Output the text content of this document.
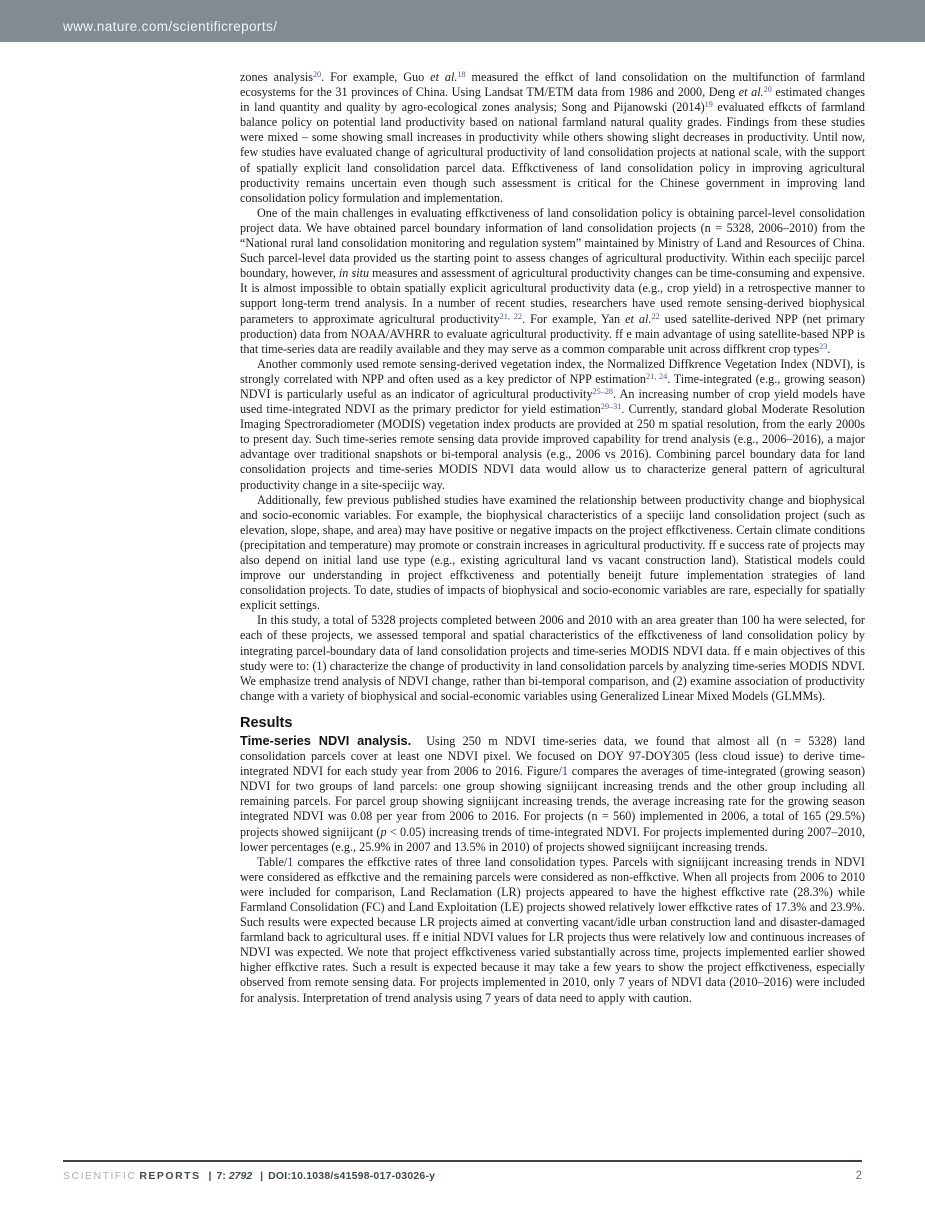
www.nature.com/scientificreports/

zones analysis$^{20}$. For example, Guo et al.$^{18}$ measured the effkct of land consolidation on the multifunction of farmland ecosystems for the 31 provinces of China. Using Landsat TM/ETM data from 1986 and 2000, Deng et al.$^{20}$ estimated changes in land quantity and quality by agro-ecological zones analysis; Song and Pijanowski (2014)$^{19}$ evaluated effkcts of farmland balance policy on potential land productivity based on national farmland natural quality grades. Findings from these studies were mixed – some showing small increases in productivity while others showing slight decreases in productivity. Until now, few studies have evaluated change of agricultural productivity of land consolidation projects at national scale, with the support of spatially explicit land consolidation parcel data. Effkctiveness of land consolidation policy in improving agricultural productivity remains uncertain even though such assessment is critical for the Chinese government in improving land consolidation policy formulation and implementation.

One of the main challenges in evaluating effkctiveness of land consolidation policy is obtaining parcel-level consolidation project data. We have obtained parcel boundary information of land consolidation projects (n = 5328, 2006–2010) from the “National rural land consolidation monitoring and regulation system” maintained by Ministry of Land and Resources of China. Such parcel-level data provided us the starting point to assess changes of agricultural productivity. Within each speciijc parcel boundary, however, in situ measures and assessment of agricultural productivity changes can be time-consuming and expensive. It is almost impossible to obtain spatially explicit agricultural productivity data (e.g., crop yield) in a retrospective manner to support long-term trend analysis. In a number of recent studies, researchers have used remote sensing-derived biophysical parameters to approximate agricultural productivity$^{21, 22}$. For example, Yan et al.$^{22}$ used satellite-derived NPP (net primary production) data from NOAA/AVHRR to evaluate agricultural productivity. ff e main advantage of using satellite-based NPP is that time-series data are readily available and they may serve as a common comparable unit across diffkrent crop types$^{23}$.

Another commonly used remote sensing-derived vegetation index, the Normalized Diffkrence Vegetation Index (NDVI), is strongly correlated with NPP and often used as a key predictor of NPP estimation$^{21, 24}$. Time-integrated (e.g., growing season) NDVI is particularly useful as an indicator of agricultural productivity$^{25-28}$. An increasing number of crop yield models have used time-integrated NDVI as the primary predictor for yield estimation$^{29-31}$. Currently, standard global Moderate Resolution Imaging Spectroradiometer (MODIS) vegetation index products are provided at 250 m spatial resolution, from the early 2000s to present day. Such time-series remote sensing data provide improved capability for trend analysis (e.g., 2006–2016), a major advantage over traditional snapshots or bi-temporal analysis (e.g., 2006 vs 2016). Combining parcel boundary data for land consolidation projects and time-series MODIS NDVI data would allow us to characterize general pattern of agricultural productivity change in a site-speciijc way.

Additionally, few previous published studies have examined the relationship between productivity change and biophysical and socio-economic variables. For example, the biophysical characteristics of a speciijc land consolidation project (such as elevation, slope, shape, and area) may have positive or negative impacts on the project effkctiveness. Certain climate conditions (precipitation and temperature) may promote or constrain increases in agricultural productivity. ff e success rate of projects may also depend on initial land use type (e.g., existing agricultural land vs vacant construction land). Statistical models could improve our understanding in project effkctiveness and potentially beneijt future implementation strategies of land consolidation projects. To date, studies of impacts of biophysical and socio-economic variables are rare, especially for spatially explicit settings.

In this study, a total of 5328 projects completed between 2006 and 2010 with an area greater than 100 ha were selected, for each of these projects, we assessed temporal and spatial characteristics of the effkctiveness of land consolidation policy by integrating parcel-boundary data of land consolidation projects and time-series MODIS NDVI data. ff e main objectives of this study were to: (1) characterize the change of productivity in land consolidation parcels by analyzing time-series MODIS NDVI. We emphasize trend analysis of NDVI change, rather than bi-temporal comparison, and (2) examine association of productivity change with a variety of biophysical and social-economic variables using Generalized Linear Mixed Models (GLMMs).

Results

Time-series NDVI analysis. Using 250 m NDVI time-series data, we found that almost all (n = 5328) land consolidation parcels cover at least one NDVI pixel. We focused on DOY 97-DOY305 (less cloud issue) to derive time-integrated NDVI for each study year from 2006 to 2016. Figure/1 compares the averages of time-integrated (growing season) NDVI for two groups of land parcels: one group showing signiijcant increasing trends and the other group including all remaining parcels. For parcel group showing signiijcant increasing trends, the average increasing rate for the growing season integrated NDVI was 0.08 per year from 2006 to 2016. For projects (n = 560) implemented in 2006, a total of 165 (29.5%) projects showed signiijcant (p < 0.05) increasing trends of time-integrated NDVI. For projects implemented during 2007–2010, lower percentages (e.g., 25.9% in 2007 and 13.5% in 2010) of projects showed signiijcant increasing trends.

Table/1 compares the effkctive rates of three land consolidation types. Parcels with signiijcant increasing trends in NDVI were considered as effkctive and the remaining parcels were considered as non-effkctive. When all projects from 2006 to 2010 were included for comparison, Land Reclamation (LR) projects appeared to have the highest effkctive rate (28.3%) while Farmland Consolidation (FC) and Land Exploitation (LE) projects showed relatively lower effkctive rates of 17.3% and 23.9%. Such results were expected because LR projects aimed at converting vacant/idle urban construction land and disaster-damaged farmland back to agricultural uses. ff e initial NDVI values for LR projects thus were relatively low and continuous increases of NDVI was expected. We note that project effkctiveness varied substantially across time, projects implemented earlier showed higher effkctive rates. Such a result is expected because it may take a few years to show the project effkctiveness, especially observed from remote sensing data. For projects implemented in 2010, only 7 years of NDVI data (2010–2016) were included for analysis. Interpretation of trend analysis using 7 years of data need to apply with caution.

SCIENTIFIC REPORTS | 7: 2792 | DOI:10.1038/s41598-017-03026-y	2
